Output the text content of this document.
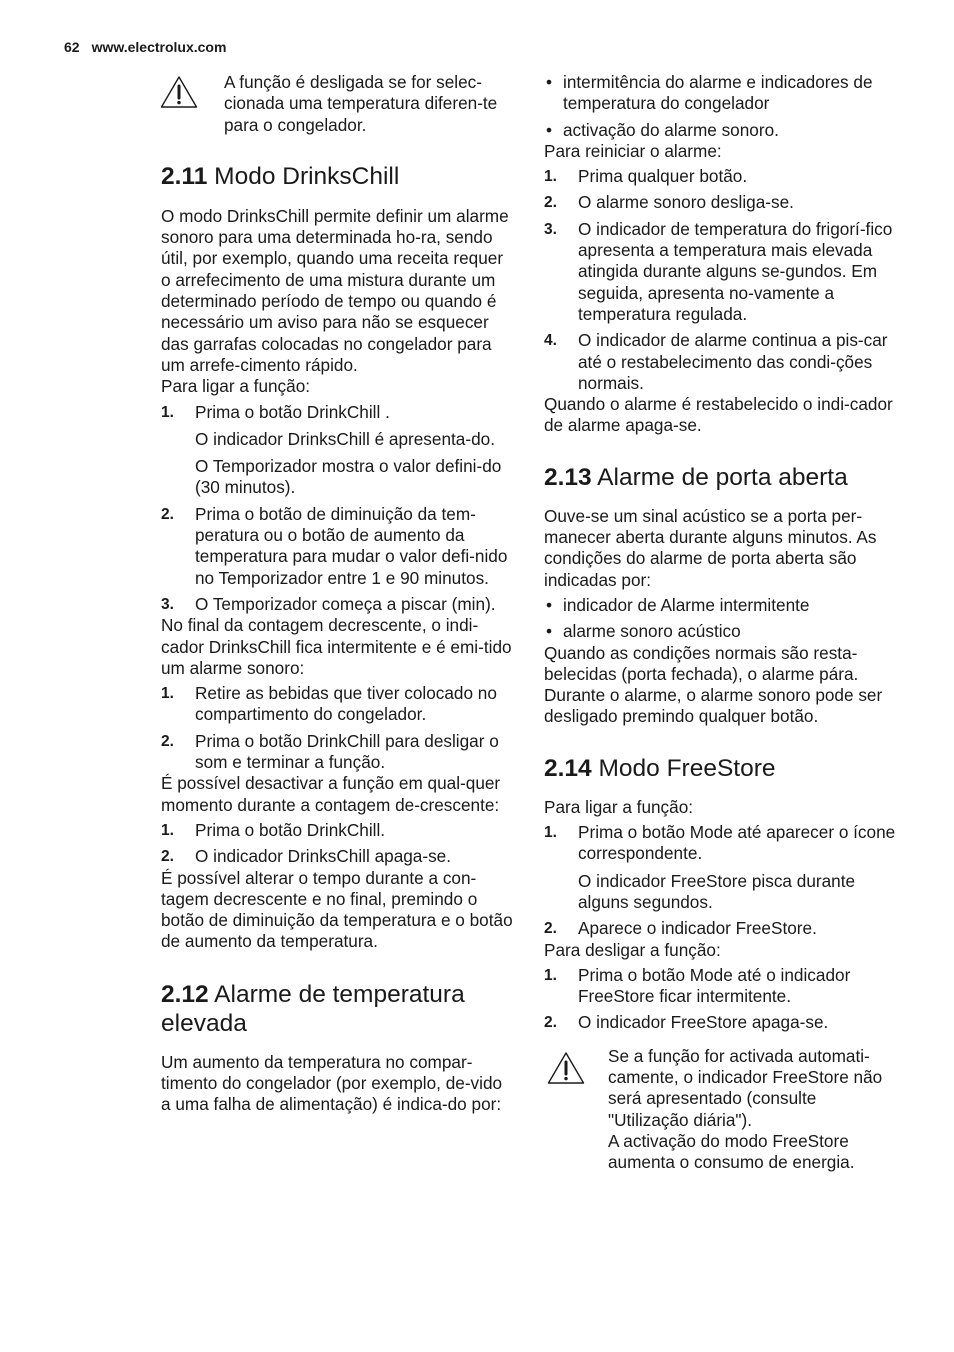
62 www.electrolux.com

A função é desligada se for selec-cionada uma temperatura diferen-te para o congelador.

2.11 Modo DrinksChill

O modo DrinksChill permite definir um alarme sonoro para uma determinada ho-ra, sendo útil, por exemplo, quando uma receita requer o arrefecimento de uma mistura durante um determinado período de tempo ou quando é necessário um aviso para não se esquecer das garrafas colocadas no congelador para um arrefe-cimento rápido.

Para ligar a função:

1. Prima o botão DrinkChill .

O indicador DrinksChill é apresenta-do.

O Temporizador mostra o valor defini-do (30 minutos).

2. Prima o botão de diminuição da tem-peratura ou o botão de aumento da temperatura para mudar o valor defi-nido no Temporizador entre 1 e 90 minutos.

3. O Temporizador começa a piscar (min).

No final da contagem decrescente, o indi-cador DrinksChill fica intermitente e é emi-tido um alarme sonoro:

1. Retire as bebidas que tiver colocado no compartimento do congelador.

2. Prima o botão DrinkChill para desligar o som e terminar a função.

É possível desactivar a função em qual-quer momento durante a contagem de-crescente:

1. Prima o botão DrinkChill.

2. O indicador DrinksChill apaga-se.

É possível alterar o tempo durante a con-tagem decrescente e no final, premindo o botão de diminuição da temperatura e o botão de aumento da temperatura.

2.12 Alarme de temperatura
elevada

Um aumento da temperatura no compar-timento do congelador (por exemplo, de-vido a uma falha de alimentação) é indica-do por:

• intermitência do alarme e indicadores de temperatura do congelador
• activação do alarme sonoro.

Para reiniciar o alarme:

1. Prima qualquer botão.

2. O alarme sonoro desliga-se.

3. O indicador de temperatura do frigorí-fico apresenta a temperatura mais elevada atingida durante alguns se-gundos. Em seguida, apresenta no-vamente a temperatura regulada.

4. O indicador de alarme continua a pis-car até o restabelecimento das condi-ções normais.

Quando o alarme é restabelecido o indi-cador de alarme apaga-se.

2.13 Alarme de porta aberta

Ouve-se um sinal acústico se a porta per-manecer aberta durante alguns minutos. As condições do alarme de porta aberta são indicadas por:

• indicador de Alarme intermitente
• alarme sonoro acústico

Quando as condições normais são resta-belecidas (porta fechada), o alarme pára. Durante o alarme, o alarme sonoro pode ser desligado premindo qualquer botão.

2.14 Modo FreeStore

Para ligar a função:

1. Prima o botão Mode até aparecer o ícone correspondente.

O indicador FreeStore pisca durante alguns segundos.

2. Aparece o indicador FreeStore.

Para desligar a função:

1. Prima o botão Mode até o indicador FreeStore ficar intermitente.

2. O indicador FreeStore apaga-se.

Se a função for activada automati-camente, o indicador FreeStore não será apresentado (consulte "Utilização diária").

A activação do modo FreeStore aumenta o consumo de energia.
